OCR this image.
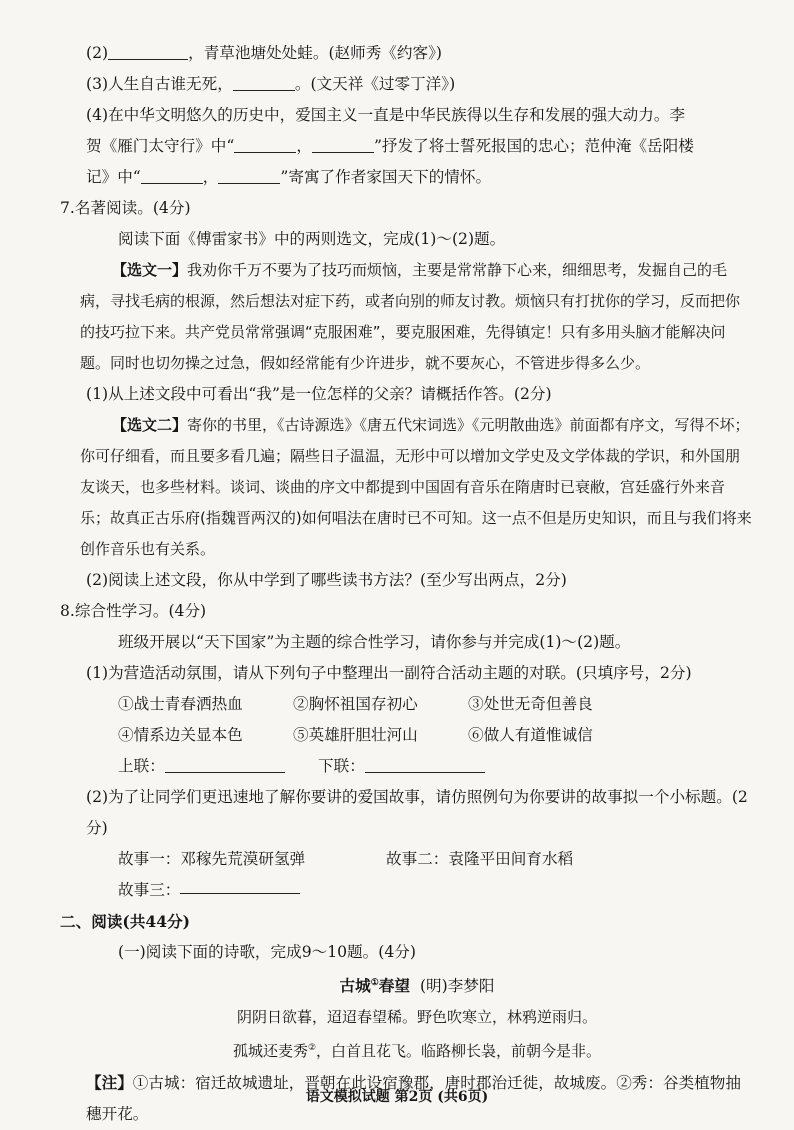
(2)	，青草池塘处处蛙。(赵师秀《约客》)
(3)人生自古谁无死，	。(文天祥《过零丁洋》)
(4)在中华文明悠久的历史中，爱国主义一直是中华民族得以生存和发展的强大动力。李
贺《雁门太守行》中“	，	”抒发了将士誓死报国的忠心；范仲淹《岳阳楼
记》中“	，	”寄寓了作者家国天下的情怀。
7.名著阅读。(4分)
阅读下面《傅雷家书》中的两则选文，完成(1)～(2)题。
【选文一】我劝你千万不要为了技巧而烦恼，主要是常常静下心来，细细思考，发掘自己的毛病，寻找毛病的根源，然后想法对症下药，或者向别的师友讨教。烦恼只有打扰你的学习，反而把你的技巧拉下来。共产党员常常强调“克服困难”，要克服困难，先得镇定！只有多用头脑才能解决问题。同时也切勿操之过急，假如经常能有少许进步，就不要灰心，不管进步得多么少。
(1)从上述文段中可看出“我”是一位怎样的父亲？请概括作答。(2分)
【选文二】寄你的书里，《古诗源选》《唐五代宋词选》《元明散曲选》前面都有序文，写得不坏；你可仔细看，而且要多看几遍；隔些日子温温，无形中可以增加文学史及文学体裁的学识，和外国朋友谈天，也多些材料。谈词、谈曲的序文中都提到中国固有音乐在隋唐时已衰敝，宫廷盛行外来音乐；故真正古乐府(指魏晋两汉的)如何唱法在唐时已不可知。这一点不但是历史知识，而且与我们将来创作音乐也有关系。
(2)阅读上述文段，你从中学到了哪些读书方法？(至少写出两点，2分)
8.综合性学习。(4分)
班级开展以“天下国家”为主题的综合性学习，请你参与并完成(1)～(2)题。
(1)为营造活动氛围，请从下列句子中整理出一副符合活动主题的对联。(只填序号，2分)
①战士青春洒热血	②胸怀祖国存初心	③处世无奇但善良
④情系边关显本色	⑤英雄肝胆壮河山	⑥做人有道惟诚信
上联：	下联：
(2)为了让同学们更迅速地了解你要讲的爱国故事，请仿照例句为你要讲的故事拟一个小标题。(2分)
故事一：邓稼先荒漠研氢弹	故事二：袁隆平田间育水稻
故事三：
二、阅读(共44分)
(一)阅读下面的诗歌，完成9～10题。(4分)
古城①春望 (明)李梦阳
阴阴日欲暮，迢迢春望稀。野色吹寒立，林鸦逆雨归。
孤城还麦秀②，白首且花飞。临路柳长袅，前朝今是非。
【注】①古城：宿迁故城遗址，晋朝在此设宿豫郡，唐时郡治迁徙，故城废。②秀：谷类植物抽穗开花。
语文模拟试题 第2页 (共6页)
